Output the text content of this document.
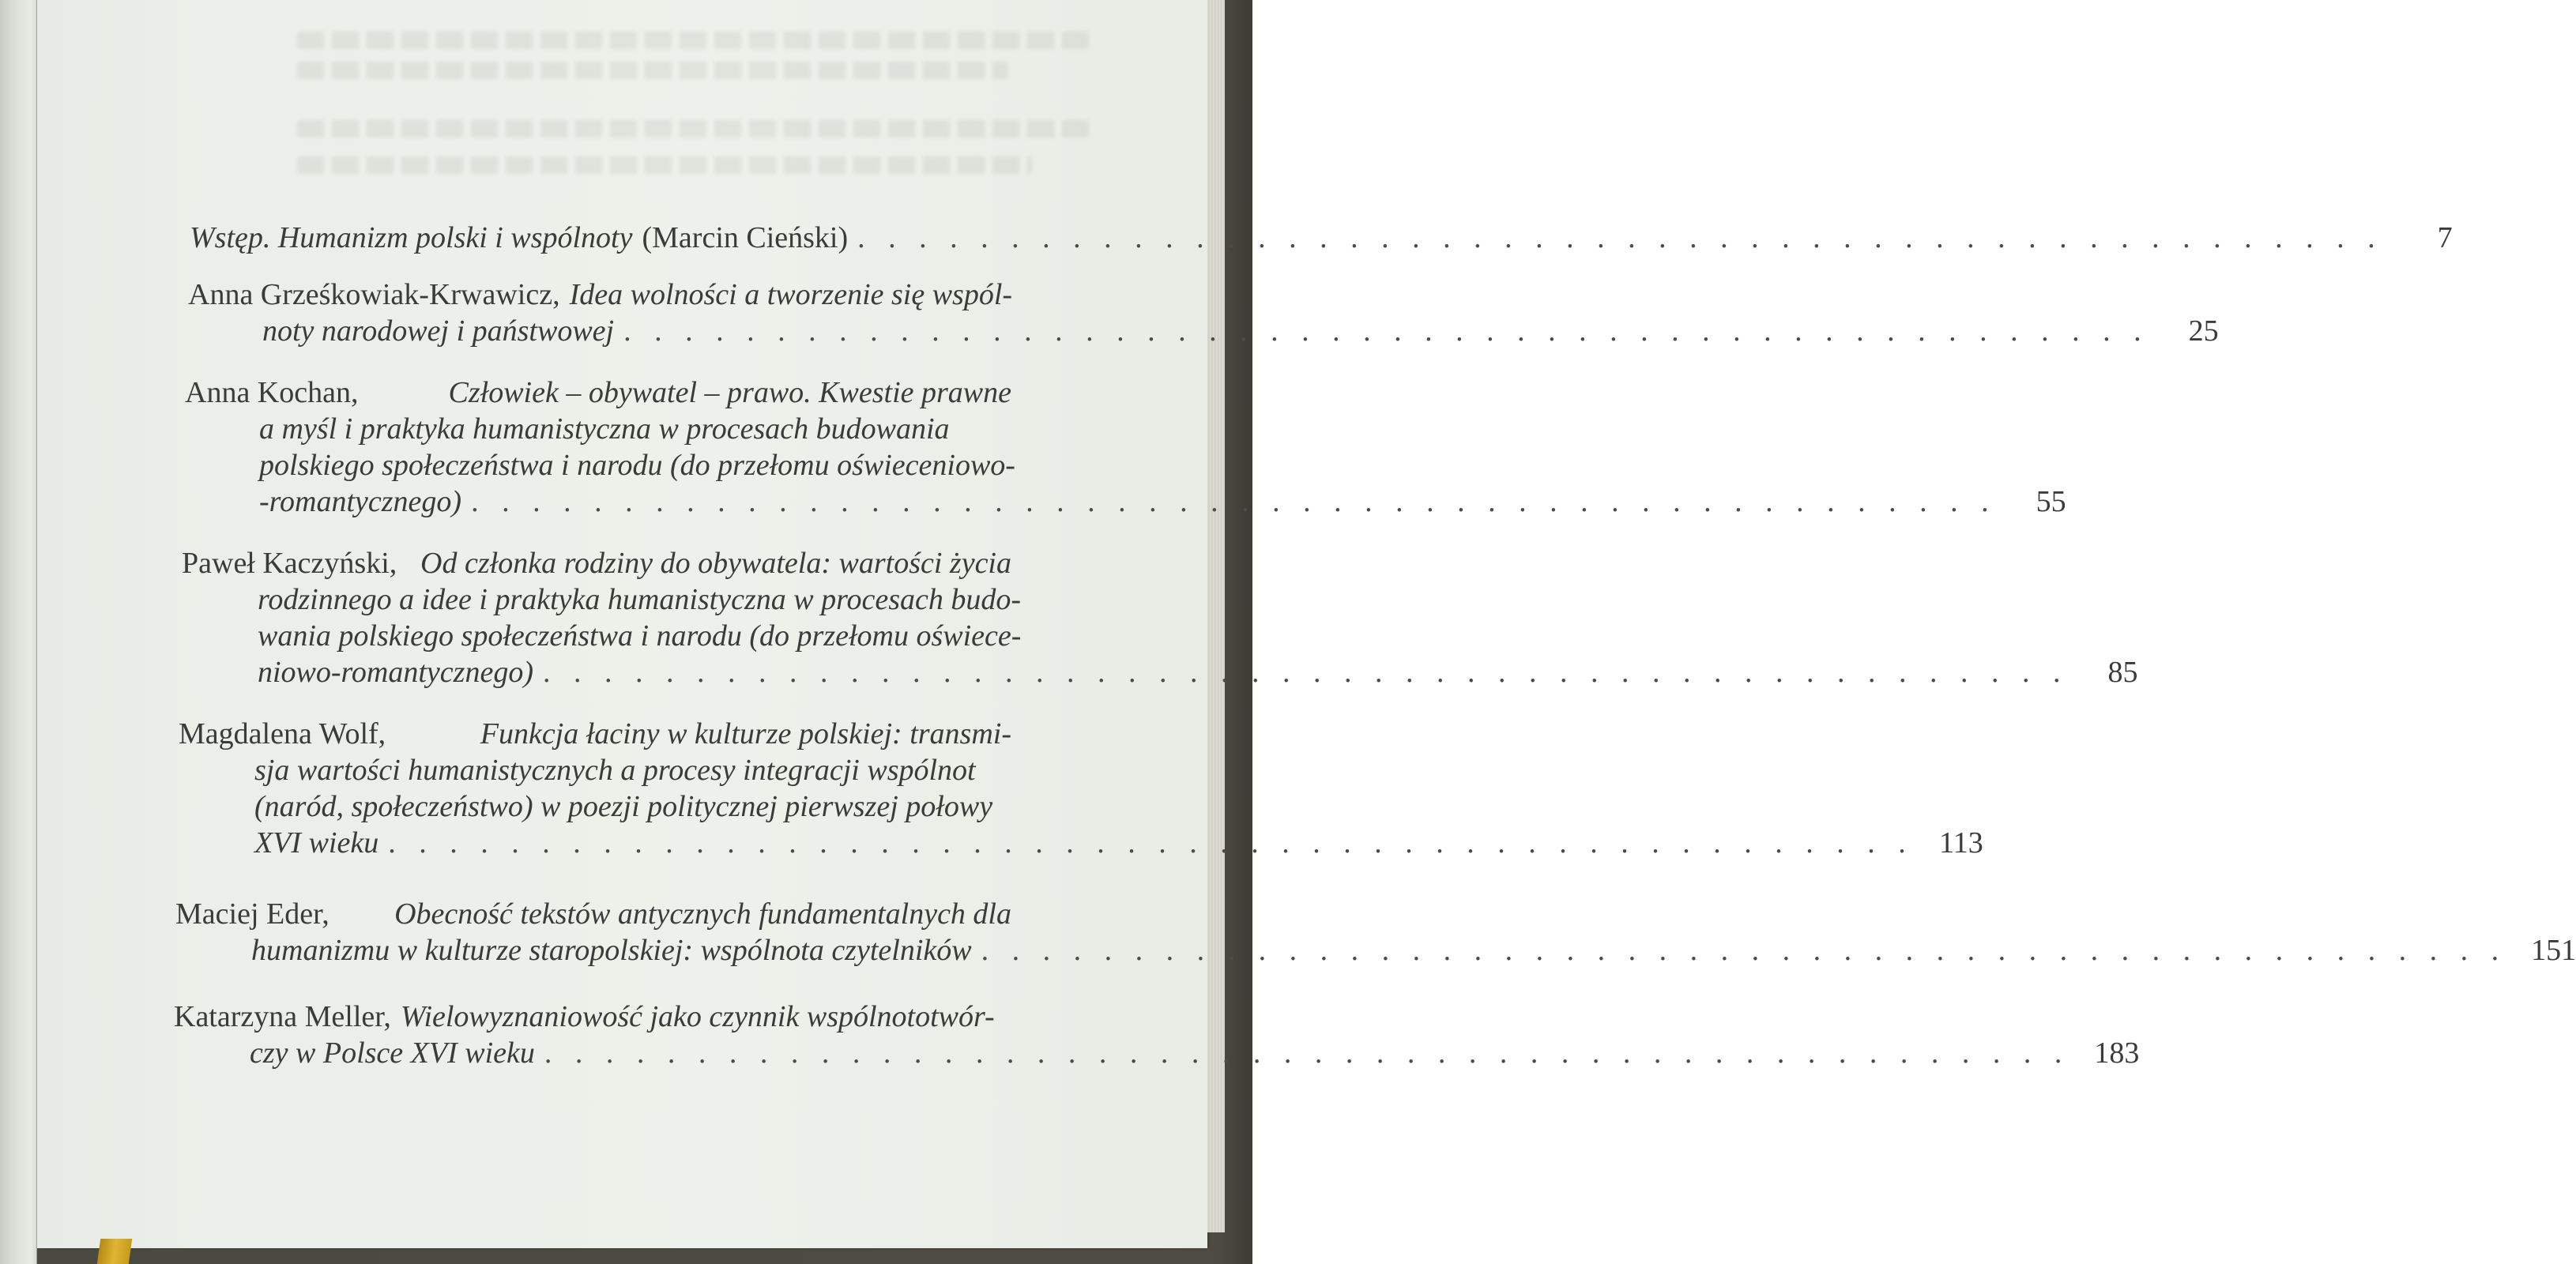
Wstęp. Humanizm polski i wspólnoty (Marcin Cieński) . . . . . . . . . . . . . . . . . . . . . . . . . . . . . . . . . . . . . . . . . . . . . . . . . .	7
Anna Grześkowiak-Krwawicz, Idea wolności a tworzenie się wspól-
noty narodowej i państwowej . . . . . . . . . . . . . . . . . . . . . . . . . . . . . . . . . . . . . . . . . . . . . . . . . .	25
Anna Kochan,	Człowiek – obywatel – prawo. Kwestie prawne
a myśl i praktyka humanistyczna w procesach budowania
polskiego społeczeństwa i narodu (do przełomu oświeceniowo-
-romantycznego) . . . . . . . . . . . . . . . . . . . . . . . . . . . . . . . . . . . . . . . . . . . . . . . . . .	55
Paweł Kaczyński, Od członka rodziny do obywatela: wartości życia
rodzinnego a idee i praktyka humanistyczna w procesach budo-
wania polskiego społeczeństwa i narodu (do przełomu oświece-
niowo-romantycznego) . . . . . . . . . . . . . . . . . . . . . . . . . . . . . . . . . . . . . . . . . . . . . . . . . .	85
Magdalena Wolf,	Funkcja łaciny w kulturze polskiej: transmi-
sja wartości humanistycznych a procesy integracji wspólnot
(naród, społeczeństwo) w poezji politycznej pierwszej połowy
XVI wieku . . . . . . . . . . . . . . . . . . . . . . . . . . . . . . . . . . . . . . . . . . . . . . . . . . 113
Maciej Eder, Obecność tekstów antycznych fundamentalnych dla
humanizmu w kulturze staropolskiej: wspólnota czytelników . . . . . . . . . . . . . . . . . . . . . . . . . . . . . . . . . . . . . . . . . . . . . . . . . . 151
Katarzyna Meller, Wielowyznaniowość jako czynnik wspólnototwór-
czy w Polsce XVI wieku . . . . . . . . . . . . . . . . . . . . . . . . . . . . . . . . . . . . . . . . . . . . . . . . . . 183
